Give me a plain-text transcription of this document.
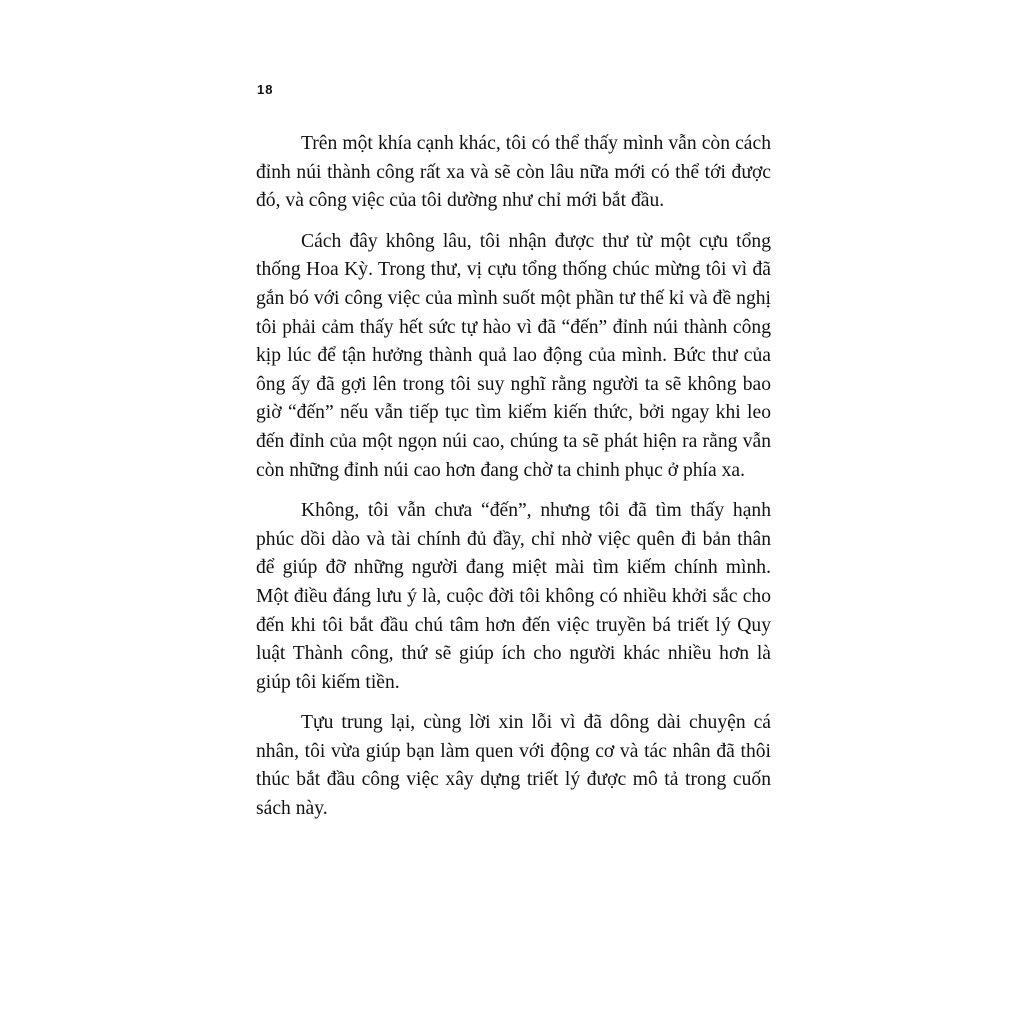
18

Trên một khía cạnh khác, tôi có thể thấy mình vẫn còn cách đỉnh núi thành công rất xa và sẽ còn lâu nữa mới có thể tới được đó, và công việc của tôi dường như chỉ mới bắt đầu.

Cách đây không lâu, tôi nhận được thư từ một cựu tổng thống Hoa Kỳ. Trong thư, vị cựu tổng thống chúc mừng tôi vì đã gắn bó với công việc của mình suốt một phần tư thế kỉ và đề nghị tôi phải cảm thấy hết sức tự hào vì đã “đến” đỉnh núi thành công kịp lúc để tận hưởng thành quả lao động của mình. Bức thư của ông ấy đã gợi lên trong tôi suy nghĩ rằng người ta sẽ không bao giờ “đến” nếu vẫn tiếp tục tìm kiếm kiến thức, bởi ngay khi leo đến đỉnh của một ngọn núi cao, chúng ta sẽ phát hiện ra rằng vẫn còn những đỉnh núi cao hơn đang chờ ta chinh phục ở phía xa.

Không, tôi vẫn chưa “đến”, nhưng tôi đã tìm thấy hạnh phúc dồi dào và tài chính đủ đầy, chỉ nhờ việc quên đi bản thân để giúp đỡ những người đang miệt mài tìm kiếm chính mình. Một điều đáng lưu ý là, cuộc đời tôi không có nhiều khởi sắc cho đến khi tôi bắt đầu chú tâm hơn đến việc truyền bá triết lý Quy luật Thành công, thứ sẽ giúp ích cho người khác nhiều hơn là giúp tôi kiếm tiền.

Tựu trung lại, cùng lời xin lỗi vì đã dông dài chuyện cá nhân, tôi vừa giúp bạn làm quen với động cơ và tác nhân đã thôi thúc bắt đầu công việc xây dựng triết lý được mô tả trong cuốn sách này.
